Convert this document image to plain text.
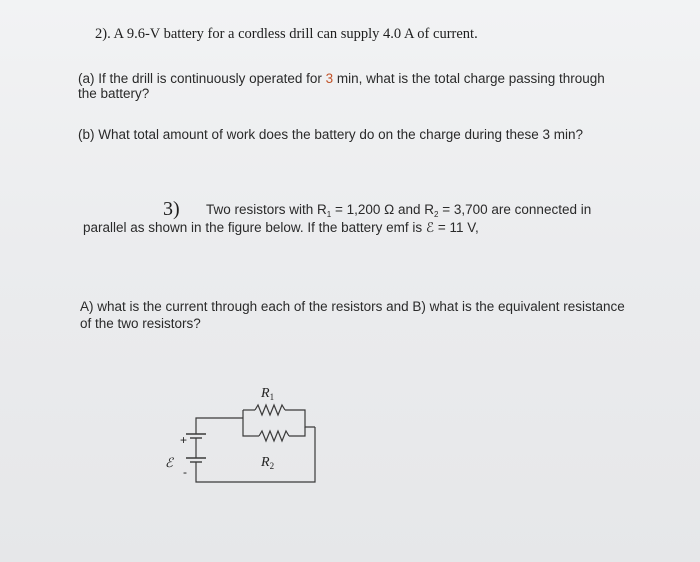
2). A 9.6-V battery for a cordless drill can supply 4.0 A of current.

(a) If the drill is continuously operated for 3 min, what is the total charge passing through

the battery?

(b) What total amount of work does the battery do on the charge during these 3 min?

3) Two resistors with $R_1 = 1,200$ Ω and $R_2 = 3,700$ are connected in

parallel as shown in the figure below. If the battery emf is ℰ = 11 V,

A) what is the current through each of the resistors and B) what is the equivalent resistance

of the two resistors?

$R_1$
$R_2$
+
-
ℰ
